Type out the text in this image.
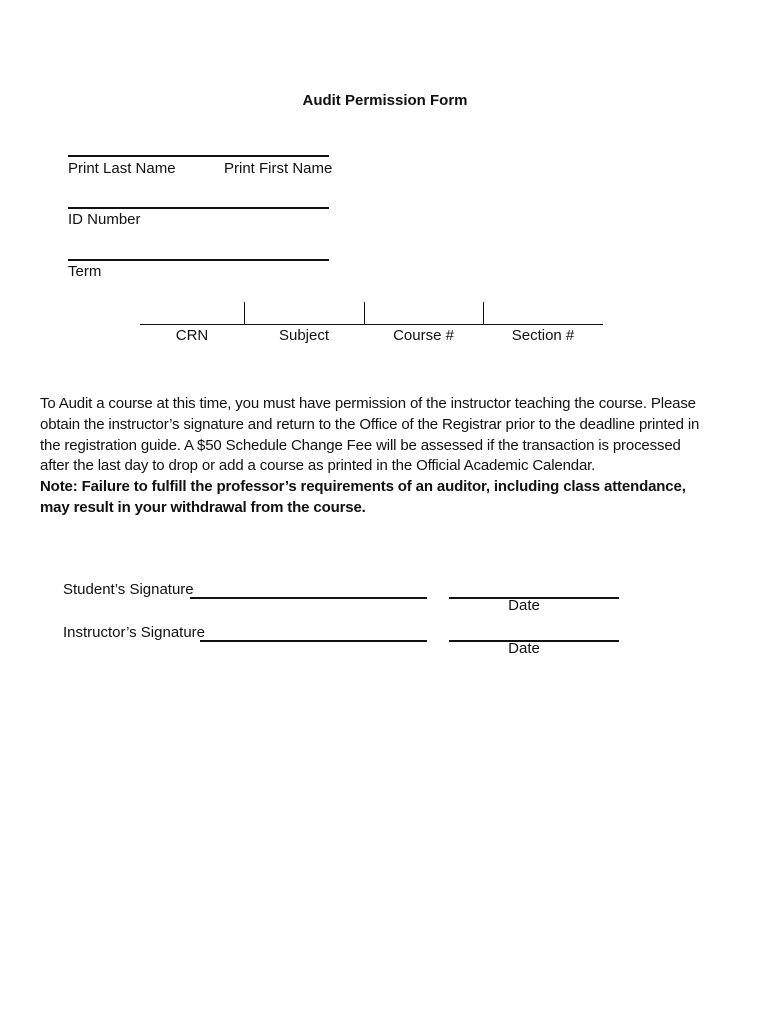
Audit Permission Form
Print Last Name	Print First Name
ID Number
Term
CRN	Subject	Course #	Section #
To Audit a course at this time, you must have permission of the instructor teaching the course. Please
obtain the instructor’s signature and return to the Office of the Registrar prior to the deadline printed in
the registration guide. A $50 Schedule Change Fee will be assessed if the transaction is processed
after the last day to drop or add a course as printed in the Official Academic Calendar.
Note: Failure to fulfill the professor’s requirements of an auditor, including class attendance,
may result in your withdrawal from the course.
Student’s Signature
Date
Instructor’s Signature
Date
